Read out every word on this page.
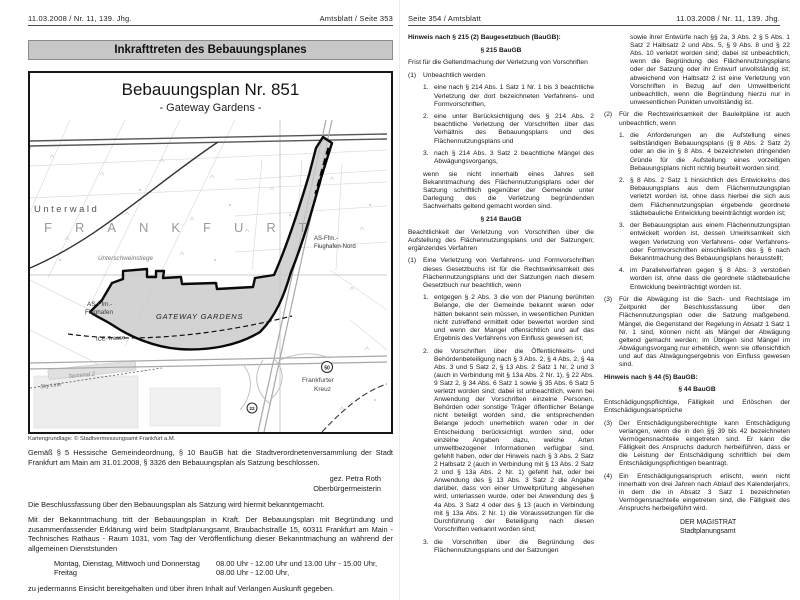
11.03.2008 / Nr. 11, 139. Jhg.	Amtsblatt / Seite 353
Inkrafttreten des Bebauungsplanes
Bebauungsplan Nr. 851
- Gateway Gardens -
Unterwald
FRANKFURT
Unterschweinstiege
AS-Ffm.-
Flughafen-Nord
AS-Ffm.-
Flughafen	GATEWAY GARDENS
ICE-Trasse
Terminal 2
Sky Line
Frankfurter
Kreuz
50
22
Kartengrundlage: © Stadtvermessungsamt Frankfurt a.M.
Gemäß § 5 Hessische Gemeindeordnung, § 10 BauGB hat die Stadtverordnetenversammlung der Stadt Frankfurt am Main am 31.01.2008, § 3326 den Bebauungsplan als Satzung beschlossen.
gez. Petra Roth
Oberbürgermeisterin
Die Beschlussfassung über den Bebauungsplan als Satzung wird hiermit bekanntgemacht.
Mit der Bekanntmachung tritt der Bebauungsplan in Kraft. Der Bebauungsplan mit Begründung und zusammenfassender Erklärung wird beim Stadtplanungsamt, Braubachstraße 15, 60311 Frankfurt am Main - Technisches Rathaus - Raum 1031, vom Tag der Veröffentlichung dieser Bekanntmachung an während der allgemeinen Dienststunden
Montag, Dienstag, Mittwoch und Donnerstag	08.00 Uhr - 12.00 Uhr und 13.00 Uhr - 15.00 Uhr,
Freitag	08.00 Uhr - 12.00 Uhr,
zu jedermanns Einsicht bereitgehalten und über ihren Inhalt auf Verlangen Auskunft gegeben.
Seite 354 / Amtsblatt	11.03.2008 / Nr. 11, 139. Jhg.
Hinweis nach § 215 (2) Baugesetzbuch (BauGB):
§ 215 BauGB
Frist für die Geltendmachung der Verletzung von Vorschriften
(1)	Unbeachtlich werden
1. eine nach § 214 Abs. 1 Satz 1 Nr. 1 bis 3 beachtliche Verletzung der dort bezeichneten Verfahrens- und Formvorschriften,
2. eine unter Berücksichtigung des § 214 Abs. 2 beachtliche Verletzung der Vorschriften über das Verhältnis des Bebauungsplans und des Flächennutzungsplans und
3. nach § 214 Abs. 3 Satz 2 beachtliche Mängel des Abwägungsvorgangs,
wenn sie nicht innerhalb eines Jahres seit Bekanntmachung des Flächennutzungsplans oder der Satzung schriftlich gegenüber der Gemeinde unter Darlegung des die Verletzung begründenden Sachverhalts geltend gemacht worden sind.
§ 214 BauGB
Beachtlichkeit der Verletzung von Vorschriften über die Aufstellung des Flächennutzungsplans und der Satzungen; ergänzendes Verfahren
(1)	Eine Verletzung von Verfahrens- und Formvorschriften dieses Gesetzbuchs ist für die Rechtswirksamkeit des Flächennutzungsplans und der Satzungen nach diesem Gesetzbuch nur beachtlich, wenn
1. entgegen § 2 Abs. 3 die von der Planung berührten Belange, die der Gemeinde bekannt waren oder hätten bekannt sein müssen, in wesentlichen Punkten nicht zutreffend ermittelt oder bewertet worden sind und wenn der Mangel offensichtlich und auf das Ergebnis des Verfahrens von Einfluss gewesen ist;
2. die Vorschriften über die Öffentlichkeits- und Behördenbeteiligung nach § 3 Abs. 2, § 4 Abs. 2, § 4a Abs. 3 und 5 Satz 2, § 13 Abs. 2 Satz 1 Nr. 2 und 3 (auch in Verbindung mit § 13a Abs. 2 Nr. 1), § 22 Abs. 9 Satz 2, § 34 Abs. 6 Satz 1 sowie § 35 Abs. 6 Satz 5 verletzt worden sind; dabei ist unbeachtlich, wenn bei Anwendung der Vorschriften einzelne Personen, Behörden oder sonstige Träger öffentlicher Belange nicht beteiligt worden sind, die entsprechenden Belange jedoch unerheblich waren oder in der Entscheidung berücksichtigt worden sind, oder einzelne Angaben dazu, welche Arten umweltbezogener Informationen verfügbar sind, gefehlt haben, oder der Hinweis nach § 3 Abs. 2 Satz 2 Halbsatz 2 (auch in Verbindung mit § 13 Abs. 2 Satz 2 und § 13a Abs. 2 Nr. 1) gefehlt hat, oder bei Anwendung des § 13 Abs. 3 Satz 2 die Angabe darüber, dass von einer Umweltprüfung abgesehen wird, unterlassen wurde, oder bei Anwendung des § 4a Abs. 3 Satz 4 oder des § 13 (auch in Verbindung mit § 13a Abs. 2 Nr. 1) die Voraussetzungen für die Durchführung der Beteiligung nach diesen Vorschriften verkannt worden sind;
3. die Vorschriften über die Begründung des Flächennutzungsplans und der Satzungen
sowie ihrer Entwürfe nach §§ 2a, 3 Abs. 2 § 5 Abs. 1 Satz 2 Halbsatz 2 und Abs. 5, § 9 Abs. 8 und § 22 Abs. 10 verletzt worden sind; dabei ist unbeachtlich, wenn die Begründung des Flächennutzungsplans oder der Satzung oder ihr Entwurf unvollständig ist; abweichend von Halbsatz 2 ist eine Verletzung von Vorschriften in Bezug auf den Umweltbericht unbeachtlich, wenn die Begründung hierzu nur in unwesentlichen Punkten unvollständig ist.
(2)	Für die Rechtswirksamkeit der Bauleitpläne ist auch unbeachtlich, wenn
1. die Anforderungen an die Aufstellung eines selbständigen Bebauungsplans (§ 8 Abs. 2 Satz 2) oder an die in § 8 Abs. 4 bezeichneten dringenden Gründe für die Aufstellung eines vorzeitigen Bebauungsplans nicht richtig beurteilt worden sind;
2. § 8 Abs. 2 Satz 1 hinsichtlich des Entwickelns des Bebauungsplans aus dem Flächennutzungsplan verletzt worden ist, ohne dass hierbei die sich aus dem Flächennutzungsplan ergebende geordnete städtebauliche Entwicklung beeinträchtigt worden ist;
3. der Bebauungsplan aus einem Flächennutzungsplan entwickelt worden ist, dessen Unwirksamkeit sich wegen Verletzung von Verfahrens- oder Verfahrens- oder Formvorschriften einschließlich des § 6 nach Bekanntmachung des Bebauungsplans herausstellt;
4. im Parallelverfahren gegen § 8 Abs. 3 verstoßen worden ist, ohne dass die geordnete städtebauliche Entwicklung beeinträchtigt worden ist.
(3)	Für die Abwägung ist die Sach- und Rechtslage im Zeitpunkt der Beschlussfassung über den Flächennutzungsplan oder die Satzung maßgebend. Mängel, die Gegenstand der Regelung in Absatz 1 Satz 1 Nr. 1 sind, können nicht als Mängel der Abwägung geltend gemacht werden; im Übrigen sind Mängel im Abwägungsvorgang nur erheblich, wenn sie offensichtlich und auf das Abwägungsergebnis von Einfluss gewesen sind.
Hinweis nach § 44 (5) BauGB:
§ 44 BauGB
Entschädigungspflichtige, Fälligkeit und Erlöschen der Entschädigungsansprüche
(3)	Der Entschädigungsberechtigte kann Entschädigung verlangen, wenn die in den §§ 39 bis 42 bezeichneten Vermögensnachteile eingetreten sind. Er kann die Fälligkeit des Anspruchs dadurch herbeiführen, dass er die Leistung der Entschädigung schriftlich bei dem Entschädigungspflichtigen beantragt.
(4)	Ein Entschädigungsanspruch erlischt, wenn nicht innerhalb von drei Jahren nach Ablauf des Kalenderjahrs, in dem die in Absatz 3 Satz 1 bezeichneten Vermögensnachteile eingetreten sind, die Fälligkeit des Anspruchs herbeigeführt wird.
DER MAGISTRAT
Stadtplanungsamt
